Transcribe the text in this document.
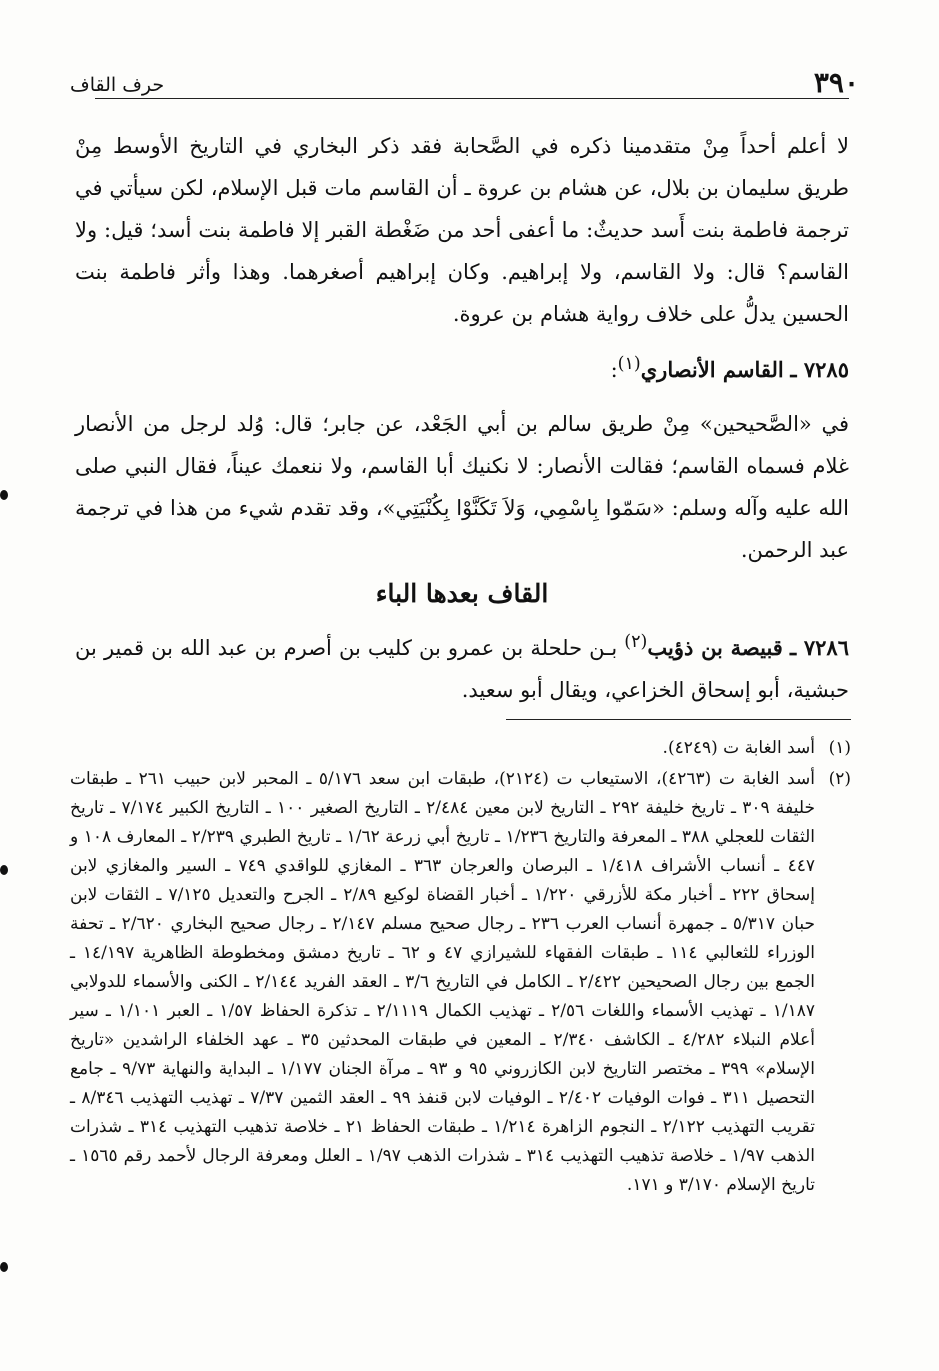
٣٩٠
حرف القاف

لا أعلم أحداً مِنْ متقدمينا ذكره في الصَّحابة فقد ذكر البخاري في التاريخ الأوسط مِنْ طريق سليمان بن بلال، عن هشام بن عروة ـ أن القاسم مات قبل الإسلام، لكن سيأتي في ترجمة فاطمة بنت أَسد حديثٌ: ما أعفى أحد من ضَغْطة القبر إلا فاطمة بنت أسد؛ قيل: ولا القاسم؟ قال: ولا القاسم، ولا إبراهيم. وكان إبراهيم أصغرهما. وهذا وأثر فاطمة بنت الحسين يدلُّ على خلاف رواية هشام بن عروة.

٧٢٨٥ ـ القاسم الأنصاري$^{(١)}$:

في «الصَّحيحين» مِنْ طريق سالم بن أبي الجَعْد، عن جابر؛ قال: وُلد لرجل من الأنصار غلام فسماه القاسم؛ فقالت الأنصار: لا نكنيك أبا القاسم، ولا ننعمك عيناً، فقال النبي صلى الله عليه وآله وسلم: «سَمّوا بِاسْمِي، وَلاَ تَكَنَّوْا بِكُنْيَتِي»، وقد تقدم شيء من هذا في ترجمة عبد الرحمن.

القاف بعدها الباء

٧٢٨٦ ـ قبيصة بن ذؤيب$^{(٢)}$ بـن حلحلة بن عمرو بن كليب بن أصرم بن عبد الله بن قمير بن حبشية، أبو إسحاق الخزاعي، ويقال أبو سعيد.

(١)
أسد الغابة ت (٤٢٤٩).

(٢)
أسد الغابة ت (٤٢٦٣)، الاستيعاب ت (٢١٢٤)، طبقات ابن سعد ٥/١٧٦ ـ المحبر لابن حبيب ٢٦١ ـ طبقات خليفة ٣٠٩ ـ تاريخ خليفة ٢٩٢ ـ التاريخ لابن معين ٢/٤٨٤ ـ التاريخ الصغير ١٠٠ ـ التاريخ الكبير ٧/١٧٤ ـ تاريخ الثقات للعجلي ٣٨٨ ـ المعرفة والتاريخ ١/٢٣٦ ـ تاريخ أبي زرعة ١/٦٢ ـ تاريخ الطبري ٢/٢٣٩ ـ المعارف ١٠٨ و ٤٤٧ ـ أنساب الأشراف ١/٤١٨ ـ البرصان والعرجان ٣٦٣ ـ المغازي للواقدي ٧٤٩ ـ السير والمغازي لابن إسحاق ٢٢٢ ـ أخبار مكة للأزرقي ١/٢٢٠ ـ أخبار القضاة لوكيع ٢/٨٩ ـ الجرح والتعديل ٧/١٢٥ ـ الثقات لابن حبان ٥/٣١٧ ـ جمهرة أنساب العرب ٢٣٦ ـ رجال صحيح مسلم ٢/١٤٧ ـ رجال صحيح البخاري ٢/٦٢٠ ـ تحفة الوزراء للثعالبي ١١٤ ـ طبقات الفقهاء للشيرازي ٤٧ و ٦٢ ـ تاريخ دمشق ومخطوطة الظاهرية ١٤/١٩٧ ـ الجمع بين رجال الصحيحين ٢/٤٢٢ ـ الكامل في التاريخ ٣/٦ ـ العقد الفريد ٢/١٤٤ ـ الكنى والأسماء للدولابي ١/١٨٧ ـ تهذيب الأسماء واللغات ٢/٥٦ ـ تهذيب الكمال ٢/١١١٩ ـ تذكرة الحفاظ ١/٥٧ ـ العبر ١/١٠١ ـ سير أعلام النبلاء ٤/٢٨٢ ـ الكاشف ٢/٣٤٠ ـ المعين في طبقات المحدثين ٣٥ ـ عهد الخلفاء الراشدين «تاريخ الإسلام» ٣٩٩ ـ مختصر التاريخ لابن الكازروني ٩٥ و ٩٣ ـ مرآة الجنان ١/١٧٧ ـ البداية والنهاية ٩/٧٣ ـ جامع التحصيل ٣١١ ـ فوات الوفيات ٢/٤٠٢ ـ الوفيات لابن قنفذ ٩٩ ـ العقد الثمين ٧/٣٧ ـ تهذيب التهذيب ٨/٣٤٦ ـ تقريب التهذيب ٢/١٢٢ ـ النجوم الزاهرة ١/٢١٤ ـ طبقات الحفاظ ٢١ ـ خلاصة تذهيب التهذيب ٣١٤ ـ شذرات الذهب ١/٩٧ ـ خلاصة تذهيب التهذيب ٣١٤ ـ شذرات الذهب ١/٩٧ ـ العلل ومعرفة الرجال لأحمد رقم ١٥٦٥ ـ تاريخ الإسلام ٣/١٧٠ و ١٧١.
